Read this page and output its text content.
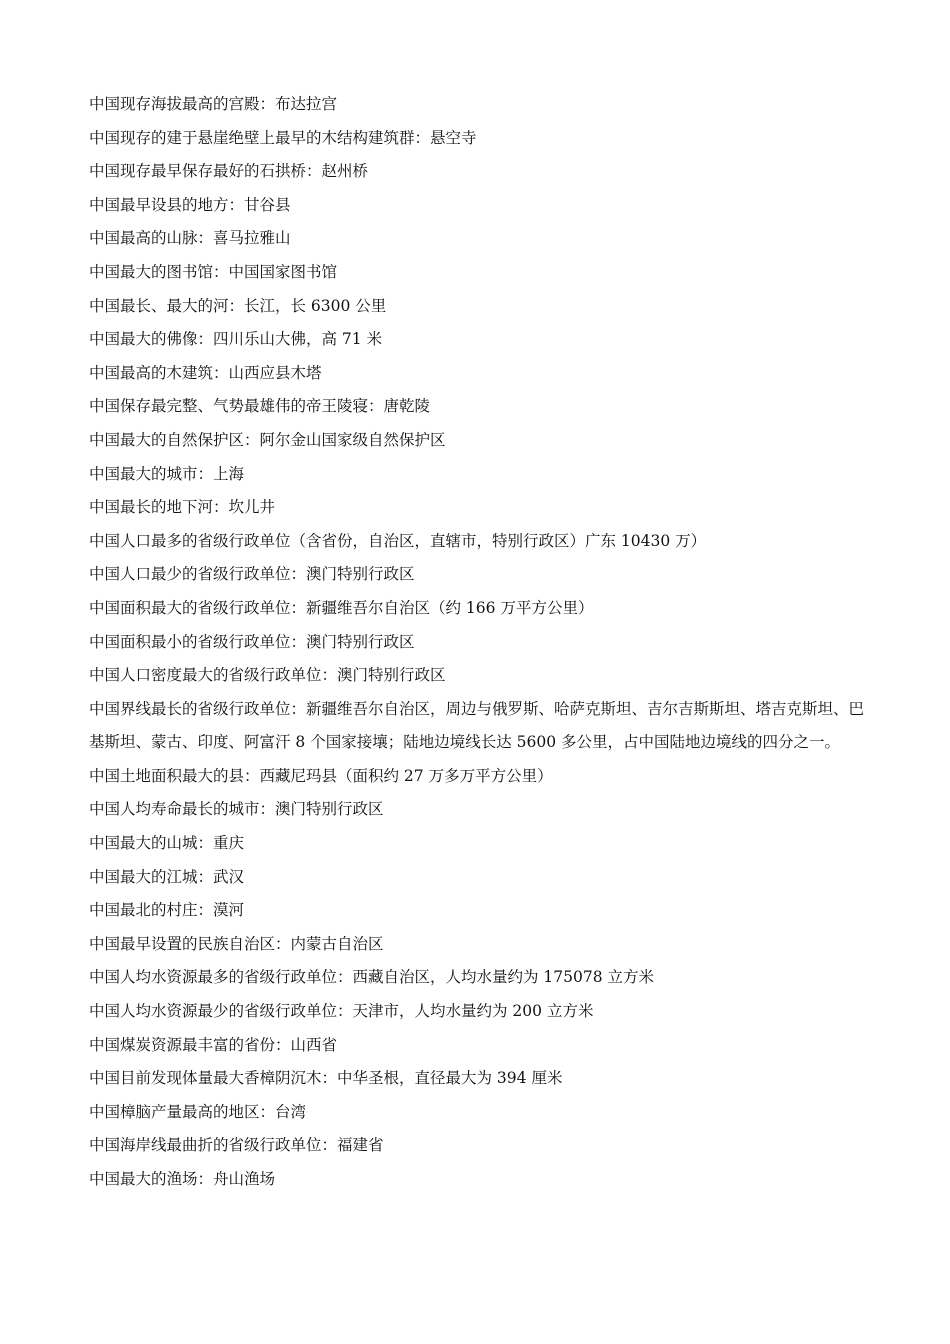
中国现存海拔最高的宫殿：布达拉宫

中国现存的建于悬崖绝壁上最早的木结构建筑群：悬空寺

中国现存最早保存最好的石拱桥：赵州桥

中国最早设县的地方：甘谷县

中国最高的山脉：喜马拉雅山

中国最大的图书馆：中国国家图书馆

中国最长、最大的河：长江，长 6300 公里

中国最大的佛像：四川乐山大佛，高 71 米

中国最高的木建筑：山西应县木塔

中国保存最完整、气势最雄伟的帝王陵寝：唐乾陵

中国最大的自然保护区：阿尔金山国家级自然保护区

中国最大的城市：上海

中国最长的地下河：坎儿井

中国人口最多的省级行政单位（含省份，自治区，直辖市，特别行政区）广东 10430 万）

中国人口最少的省级行政单位：澳门特别行政区

中国面积最大的省级行政单位：新疆维吾尔自治区（约 166 万平方公里）

中国面积最小的省级行政单位：澳门特别行政区

中国人口密度最大的省级行政单位：澳门特别行政区

中国界线最长的省级行政单位：新疆维吾尔自治区，周边与俄罗斯、哈萨克斯坦、吉尔吉斯斯坦、塔吉克斯坦、巴基斯坦、蒙古、印度、阿富汗 8 个国家接壤；陆地边境线长达 5600 多公里，占中国陆地边境线的四分之一。

中国土地面积最大的县：西藏尼玛县（面积约 27 万多万平方公里）

中国人均寿命最长的城市：澳门特别行政区

中国最大的山城：重庆

中国最大的江城：武汉

中国最北的村庄：漠河

中国最早设置的民族自治区：内蒙古自治区

中国人均水资源最多的省级行政单位：西藏自治区，人均水量约为 175078 立方米

中国人均水资源最少的省级行政单位：天津市，人均水量约为 200 立方米

中国煤炭资源最丰富的省份：山西省

中国目前发现体量最大香樟阴沉木：中华圣根，直径最大为 394 厘米

中国樟脑产量最高的地区：台湾

中国海岸线最曲折的省级行政单位：福建省

中国最大的渔场：舟山渔场
